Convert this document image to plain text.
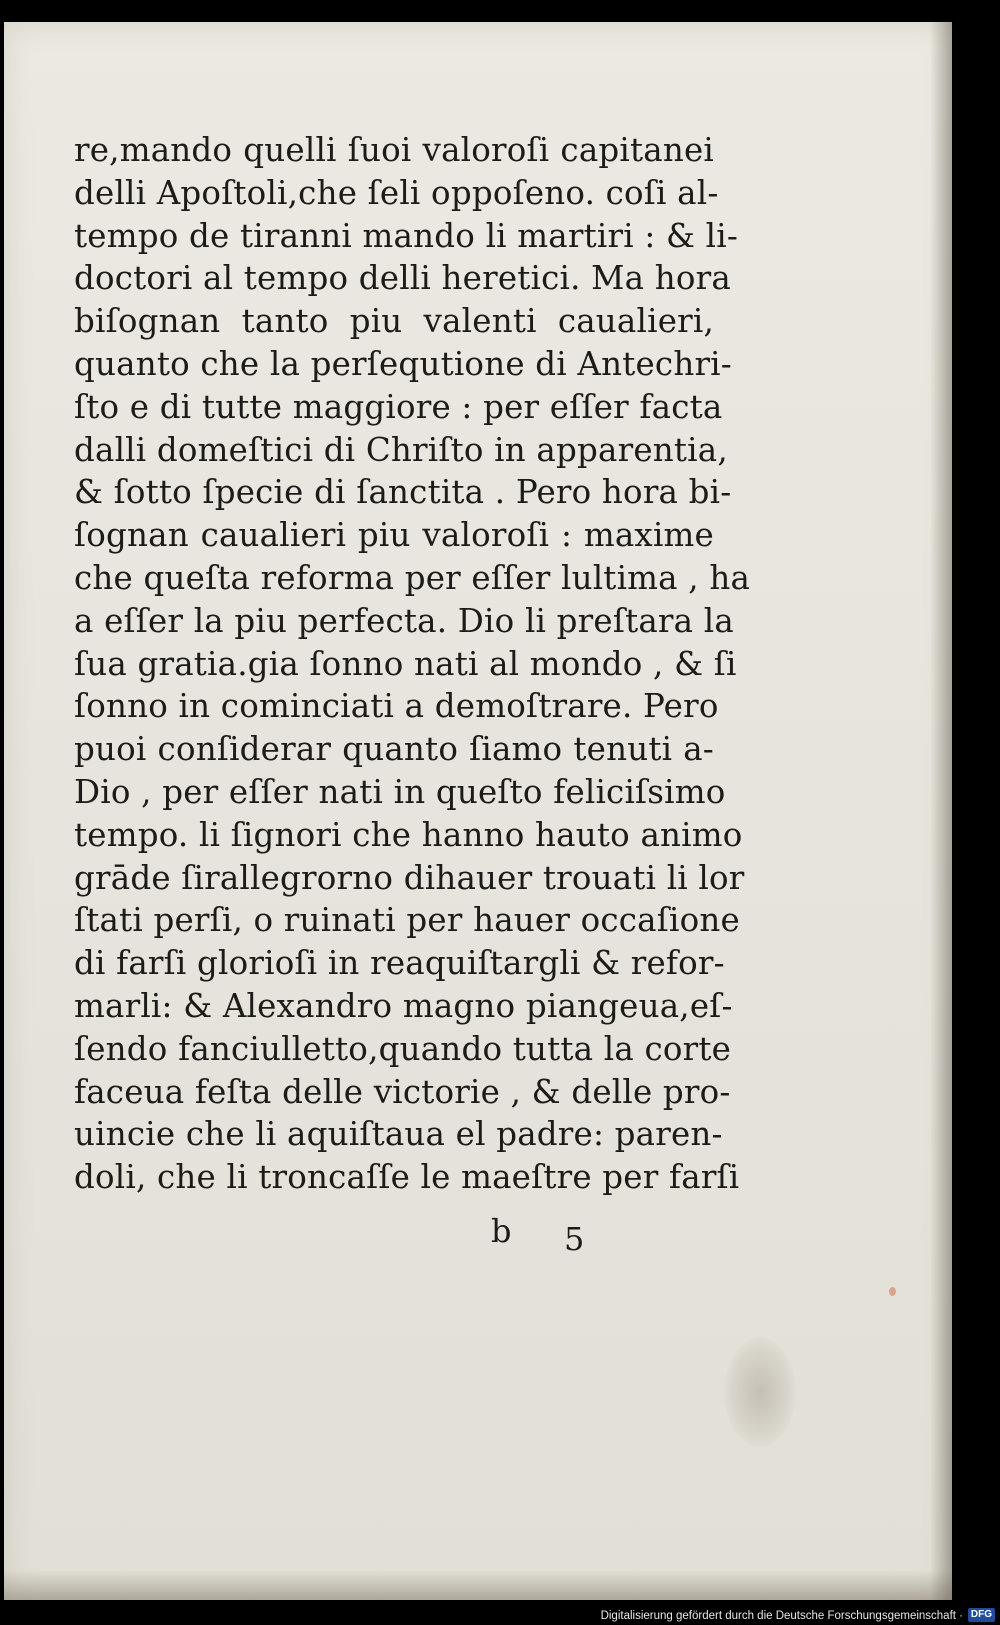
re,mando quelli ſuoi valoroſi capitanei
delli Apoſtoli,che ſeli oppoſeno. coſi al-
tempo de tiranni mando li martiri : & li-
doctori al tempo delli heretici. Ma hora
biſognan tanto piu valenti caualieri,
quanto che la perſequtione di Antechri-
ſto e di tutte maggiore : per eſſer facta
dalli domeſtici di Chriſto in apparentia,
& ſotto ſpecie di ſanctita . Pero hora bi-
ſognan caualieri piu valoroſi : maxime
che queſta reforma per eſſer lultima , ha
a eſſer la piu perfecta. Dio li preſtara la
ſua gratia.gia ſonno nati al mondo , & ſi
ſonno in cominciati a demoſtrare. Pero
puoi conſiderar quanto ſiamo tenuti a-
Dio , per eſſer nati in queſto feliciſsimo
tempo. li ſignori che hanno hauto animo
grāde ſirallegrorno dihauer trouati li lor
ſtati perſi, o ruinati per hauer occaſione
di farſi glorioſi in reaquiſtargli & refor-
marli: & Alexandro magno piangeua,eſ-
ſendo fanciulletto,quando tutta la corte
faceua feſta delle victorie , & delle pro-
uincie che li aquiſtaua el padre: paren-
doli, che li troncaſſe le maeſtre per farſi
b 5
Digitalisierung gefördert durch die Deutsche Forschungsgemeinschaft · DFG
